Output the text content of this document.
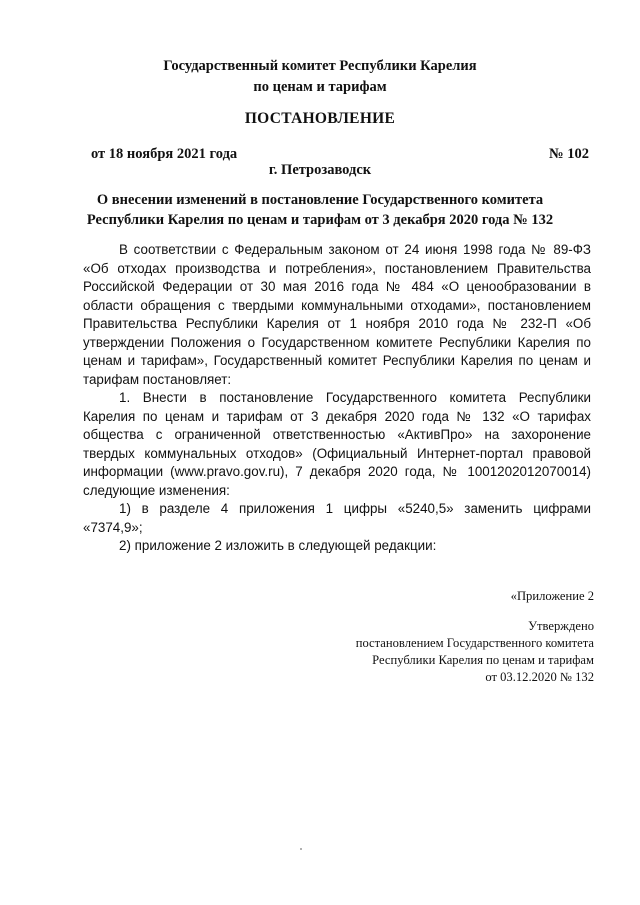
Государственный комитет Республики Карелия
по ценам и тарифам
ПОСТАНОВЛЕНИЕ
от 18 ноября 2021 года	№ 102
г. Петрозаводск
О внесении изменений в постановление Государственного комитета
Республики Карелия по ценам и тарифам от 3 декабря 2020 года № 132

В соответствии с Федеральным законом от 24 июня 1998 года № 89-ФЗ «Об отходах производства и потребления», постановлением Правительства Российской Федерации от 30 мая 2016 года № 484 «О ценообразовании в области обращения с твердыми коммунальными отходами», постановлением Правительства Республики Карелия от 1 ноября 2010 года № 232-П «Об утверждении Положения о Государственном комитете Республики Карелия по ценам и тарифам», Государственный комитет Республики Карелия по ценам и тарифам постановляет:

1. Внести в постановление Государственного комитета Республики Карелия по ценам и тарифам от 3 декабря 2020 года № 132 «О тарифах общества с ограниченной ответственностью «АктивПро» на захоронение твердых коммунальных отходов» (Официальный Интернет-портал правовой информации (www.pravo.gov.ru), 7 декабря 2020 года, № 1001202012070014) следующие изменения:

1) в разделе 4 приложения 1 цифры «5240,5» заменить цифрами «7374,9»;

2) приложение 2 изложить в следующей редакции:

«Приложение 2
Утверждено
постановлением Государственного комитета
Республики Карелия по ценам и тарифам
от 03.12.2020 № 132
